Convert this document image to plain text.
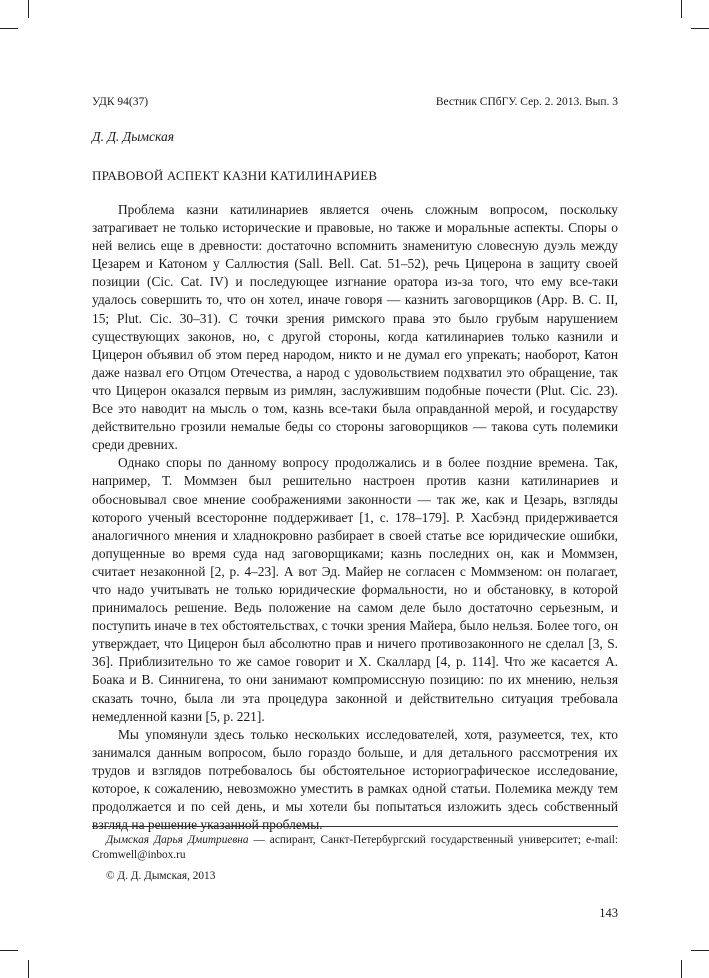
УДК 94(37)	Вестник СПбГУ. Сер. 2. 2013. Вып. 3
Д. Д. Дымская
ПРАВОВОЙ АСПЕКТ КАЗНИ КАТИЛИНАРИЕВ

Проблема казни катилинариев является очень сложным вопросом, поскольку затрагивает не только исторические и правовые, но также и моральные аспекты. Споры о ней велись еще в древности: достаточно вспомнить знаменитую словесную дуэль между Цезарем и Катоном у Саллюстия (Sall. Bell. Cat. 51–52), речь Цицерона в защиту своей позиции (Cic. Cat. IV) и последующее изгнание оратора из-за того, что ему все-таки удалось совершить то, что он хотел, иначе говоря — казнить заговорщиков (App. B. C. II, 15; Plut. Cic. 30–31). С точки зрения римского права это было грубым нарушением существующих законов, но, с другой стороны, когда катилинариев только казнили и Цицерон объявил об этом перед народом, никто и не думал его упрекать; наоборот, Катон даже назвал его Отцом Отечества, а народ с удовольствием подхватил это обращение, так что Цицерон оказался первым из римлян, заслужившим подобные почести (Plut. Cic. 23). Все это наводит на мысль о том, казнь все-таки была оправданной мерой, и государству действительно грозили немалые беды со стороны заговорщиков — такова суть полемики среди древних.

Однако споры по данному вопросу продолжались и в более поздние времена. Так, например, Т. Моммзен был решительно настроен против казни катилинариев и обосновывал свое мнение соображениями законности — так же, как и Цезарь, взгляды которого ученый всесторонне поддерживает [1, с. 178–179]. Р. Хасбэнд придерживается аналогичного мнения и хладнокровно разбирает в своей статье все юридические ошибки, допущенные во время суда над заговорщиками; казнь последних он, как и Моммзен, считает незаконной [2, p. 4–23]. А вот Эд. Майер не согласен с Моммзеном: он полагает, что надо учитывать не только юридические формальности, но и обстановку, в которой принималось решение. Ведь положение на самом деле было достаточно серьезным, и поступить иначе в тех обстоятельствах, с точки зрения Майера, было нельзя. Более того, он утверждает, что Цицерон был абсолютно прав и ничего противозаконного не сделал [3, S. 36]. Приблизительно то же самое говорит и Х. Скаллард [4, p. 114]. Что же касается А. Боака и В. Синнигена, то они занимают компромиссную позицию: по их мнению, нельзя сказать точно, была ли эта процедура законной и действительно ситуация требовала немедленной казни [5, p. 221].

Мы упомянули здесь только нескольких исследователей, хотя, разумеется, тех, кто занимался данным вопросом, было гораздо больше, и для детального рассмотрения их трудов и взглядов потребовалось бы обстоятельное историографическое исследование, которое, к сожалению, невозможно уместить в рамках одной статьи. Полемика между тем продолжается и по сей день, и мы хотели бы попытаться изложить здесь собственный взгляд на решение указанной проблемы.

Дымская Дарья Дмитриевна — аспирант, Санкт-Петербургский государственный университет; e-mail: Cromwell@inbox.ru

© Д. Д. Дымская, 2013

143
